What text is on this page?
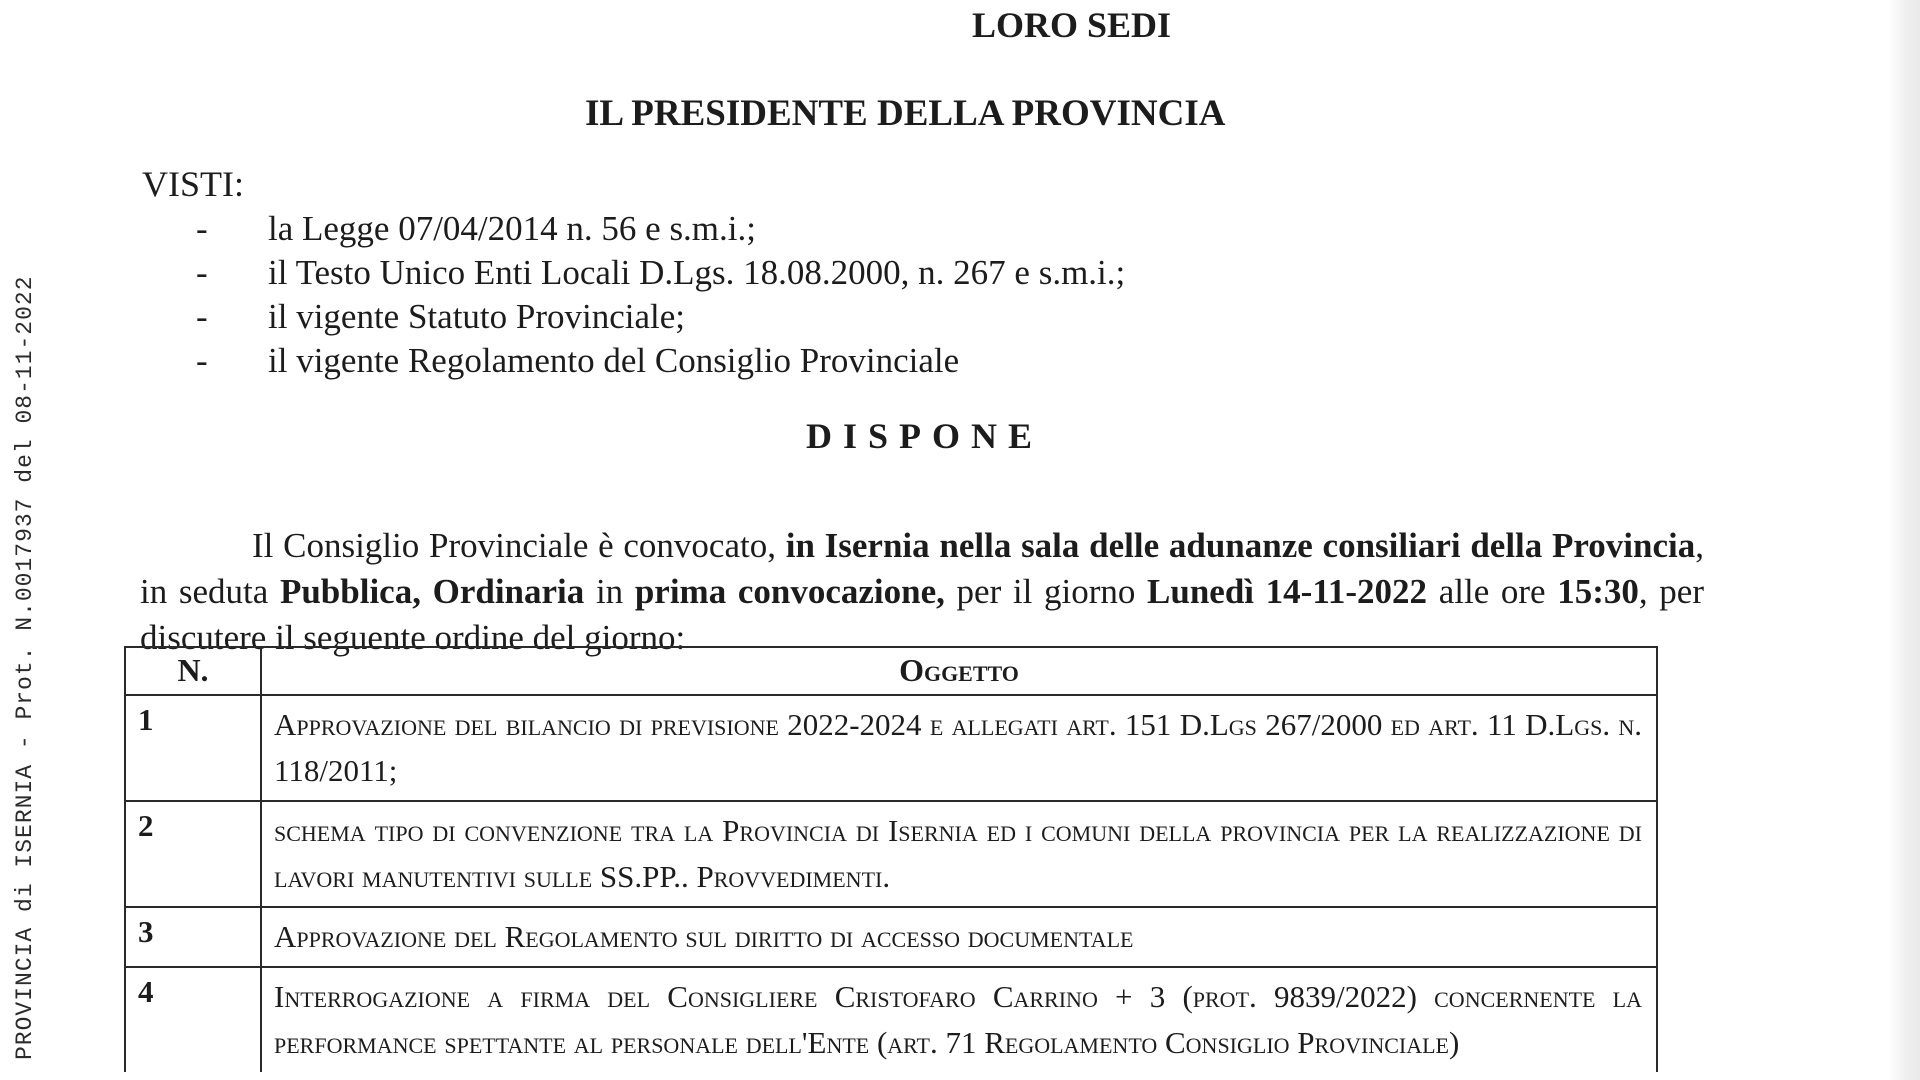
PROVINCIA di ISERNIA - Prot. N.0017937 del 08-11-2022
LORO SEDI
IL PRESIDENTE DELLA PROVINCIA
VISTI:
- la Legge 07/04/2014 n. 56 e s.m.i.;
- il Testo Unico Enti Locali D.Lgs. 18.08.2000, n. 267 e s.m.i.;
- il vigente Statuto Provinciale;
- il vigente Regolamento del Consiglio Provinciale
DISPONE

Il Consiglio Provinciale è convocato, in Isernia nella sala delle adunanze consiliari della Provincia, in seduta Pubblica, Ordinaria in prima convocazione, per il giorno Lunedì 14-11-2022 alle ore 15:30, per discutere il seguente ordine del giorno:

N.	Oggetto
1	Approvazione del bilancio di previsione 2022-2024 e allegati art. 151 D.Lgs 267/2000 ed art. 11 D.Lgs. n. 118/2011;
2	schema tipo di convenzione tra la Provincia di Isernia ed i comuni della provincia per la realizzazione di lavori manutentivi sulle SS.PP.. Provvedimenti.
3	Approvazione del Regolamento sul diritto di accesso documentale
4	Interrogazione a firma del Consigliere Cristofaro Carrino + 3 (prot. 9839/2022) concernente la performance spettante al personale dell'Ente (art. 71 Regolamento Consiglio Provinciale)
